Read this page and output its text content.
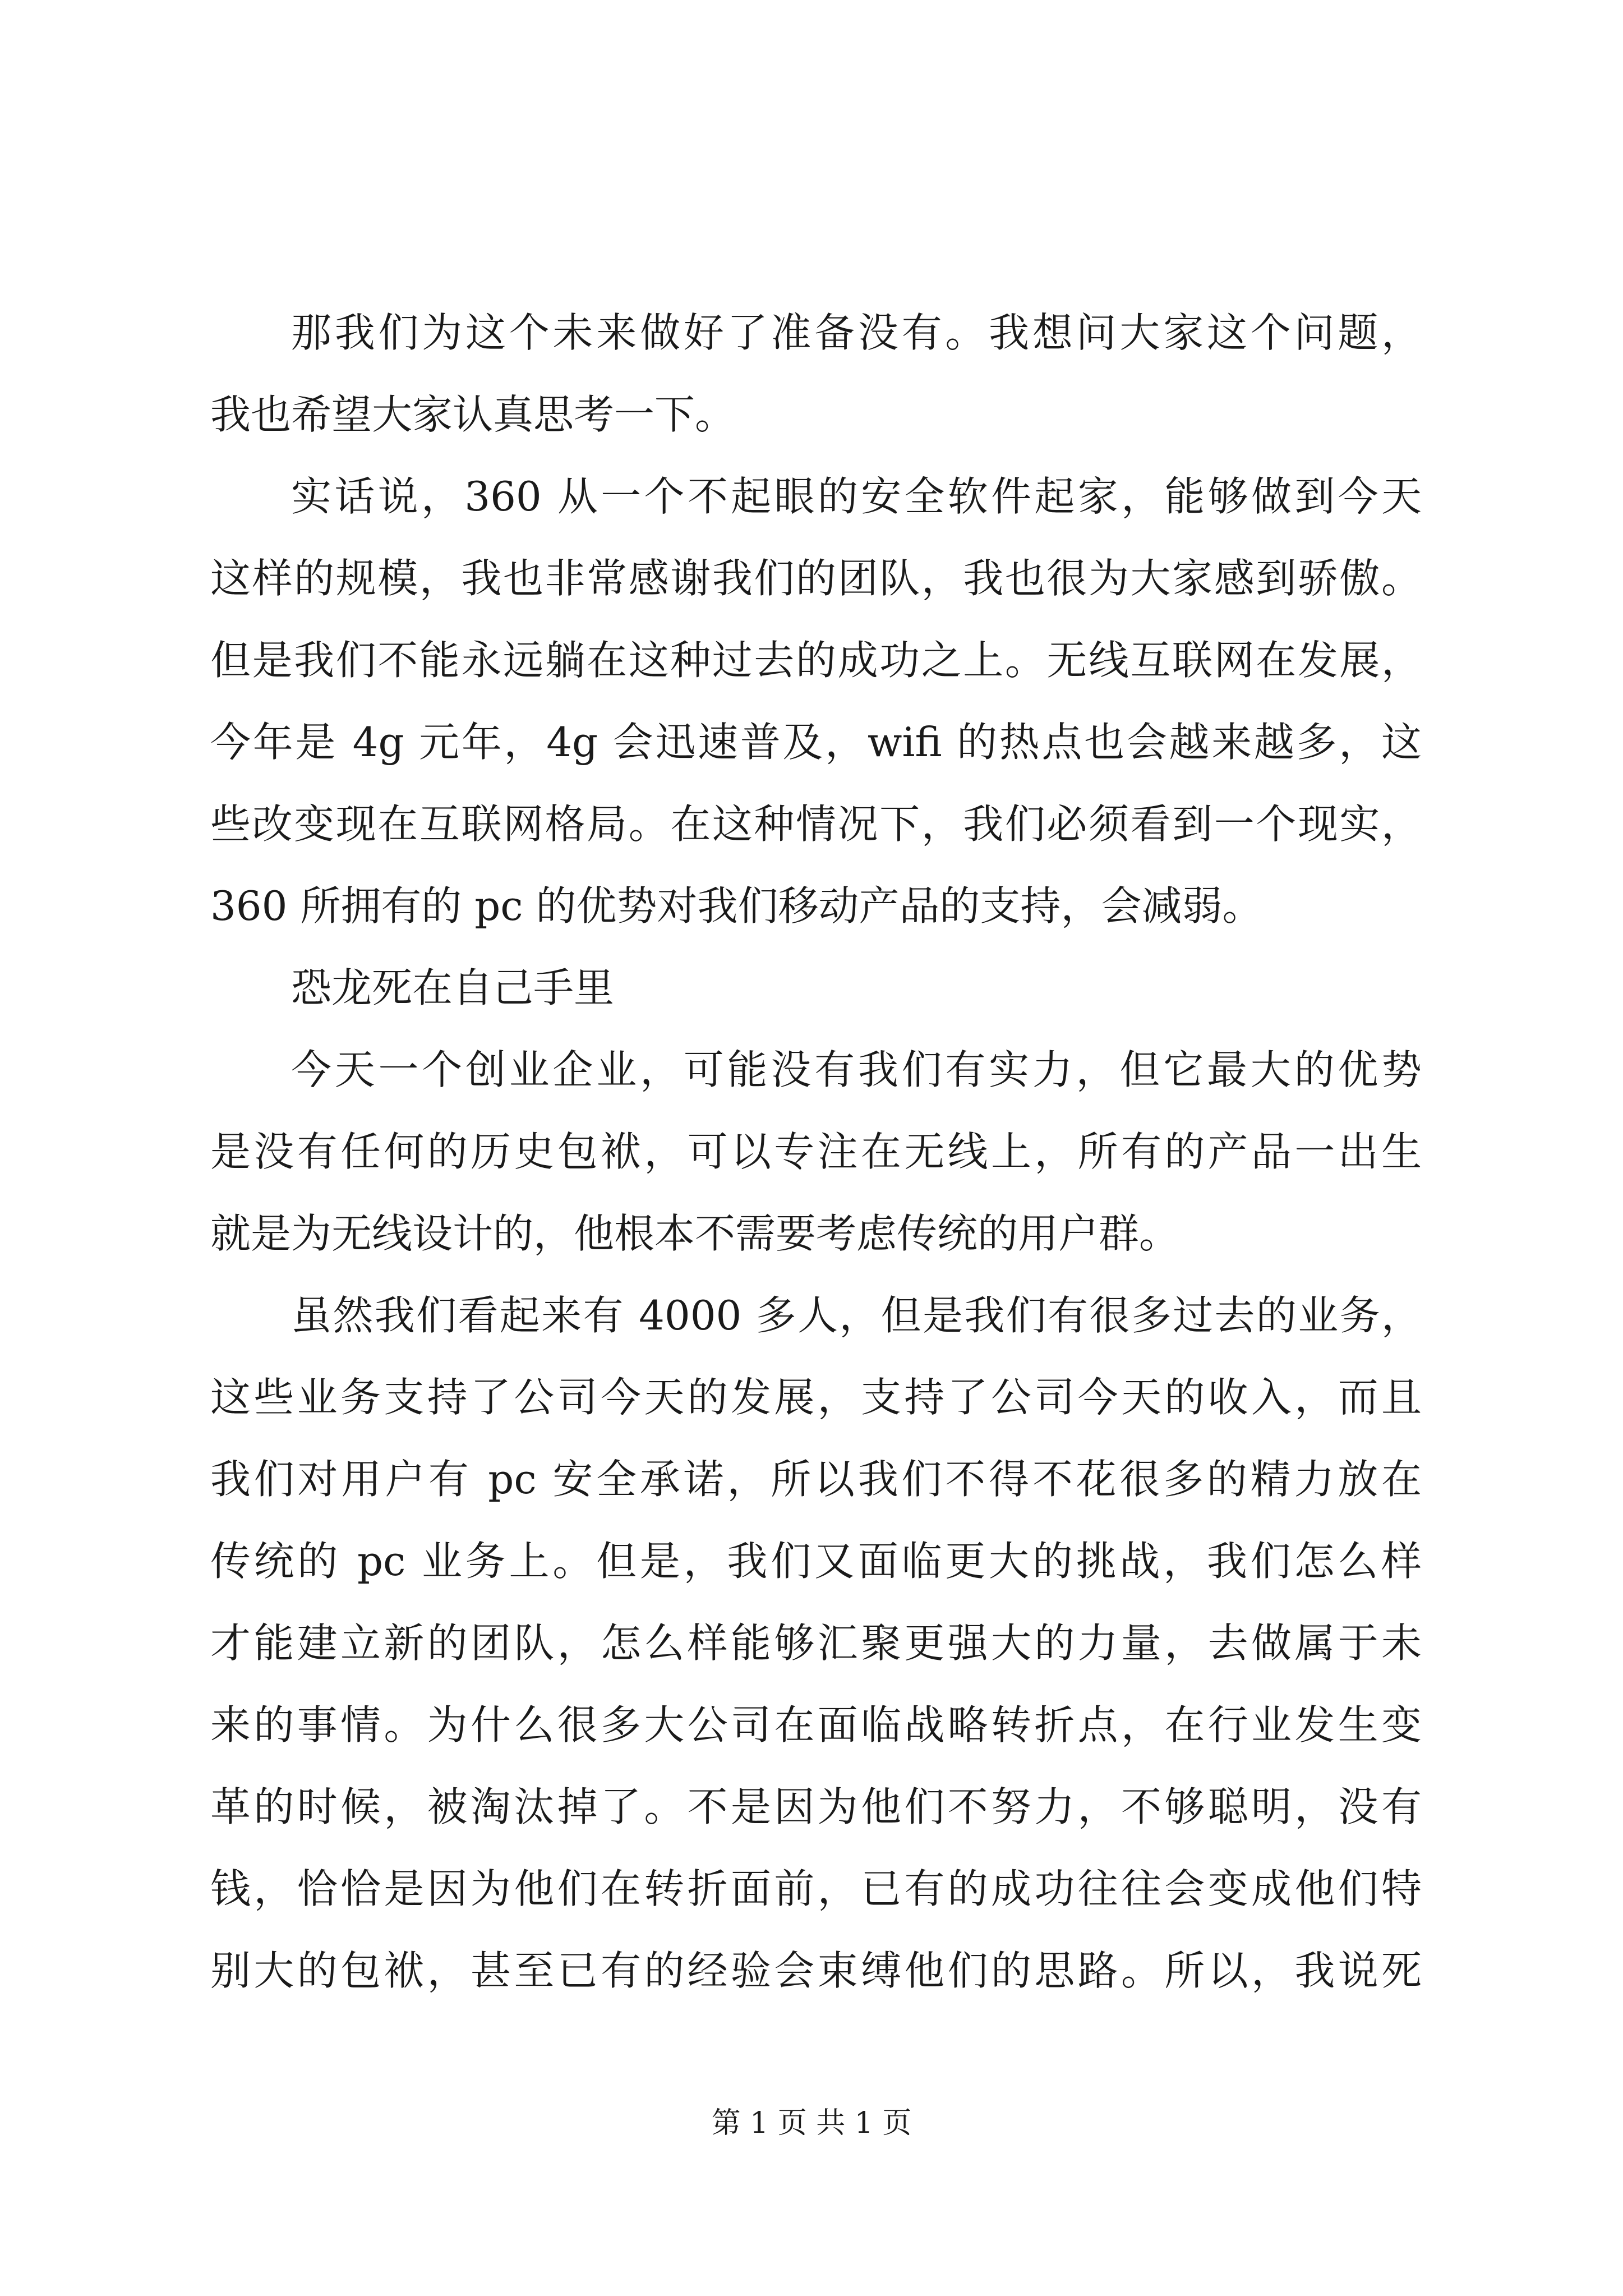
那我们为这个未来做好了准备没有。我想问大家这个问题，
我也希望大家认真思考一下。
实话说，360 从一个不起眼的安全软件起家，能够做到今天
这样的规模，我也非常感谢我们的团队，我也很为大家感到骄傲。
但是我们不能永远躺在这种过去的成功之上。无线互联网在发展，
今年是 4g 元年，4g 会迅速普及，wifi 的热点也会越来越多，这
些改变现在互联网格局。在这种情况下，我们必须看到一个现实，
360 所拥有的 pc 的优势对我们移动产品的支持，会减弱。
恐龙死在自己手里
今天一个创业企业，可能没有我们有实力，但它最大的优势
是没有任何的历史包袱，可以专注在无线上，所有的产品一出生
就是为无线设计的，他根本不需要考虑传统的用户群。
虽然我们看起来有 4000 多人，但是我们有很多过去的业务，
这些业务支持了公司今天的发展，支持了公司今天的收入，而且
我们对用户有 pc 安全承诺，所以我们不得不花很多的精力放在
传统的 pc 业务上。但是，我们又面临更大的挑战，我们怎么样
才能建立新的团队，怎么样能够汇聚更强大的力量，去做属于未
来的事情。为什么很多大公司在面临战略转折点，在行业发生变
革的时候，被淘汰掉了。不是因为他们不努力，不够聪明，没有
钱，恰恰是因为他们在转折面前，已有的成功往往会变成他们特
别大的包袱，甚至已有的经验会束缚他们的思路。所以，我说死
第 1 页 共 1 页
